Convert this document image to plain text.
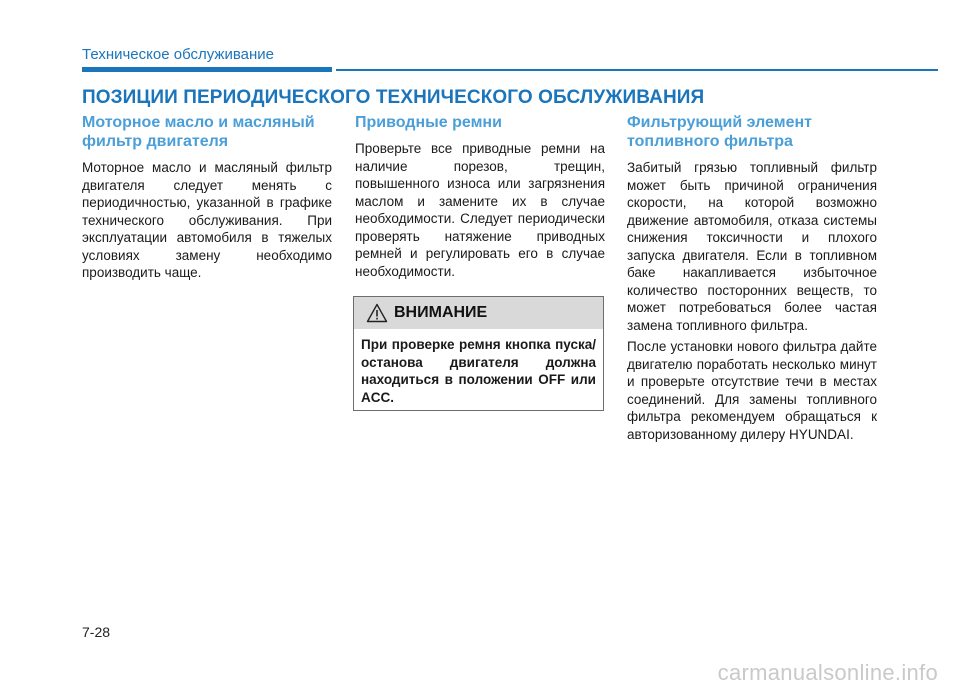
Техническое обслуживание
ПОЗИЦИИ ПЕРИОДИЧЕСКОГО ТЕХНИЧЕСКОГО ОБСЛУЖИВАНИЯ
Моторное масло и масляный фильтр двигателя

Моторное масло и масляный фильтр двигателя следует менять с периодичностью, указанной в графике технического обслуживания. При эксплуатации автомобиля в тяжелых условиях замену необходимо производить чаще.

Приводные ремни

Проверьте все приводные ремни на наличие порезов, трещин, повышенного износа или загрязнения маслом и замените их в случае необходимости. Следует периодически проверять натяжение приводных ремней и регулировать его в случае необходимости.

ВНИМАНИЕ
При проверке ремня кнопка пуска/останова двигателя должна находиться в положении OFF или ACC.
Фильтрующий элемент топливного фильтра

Забитый грязью топливный фильтр может быть причиной ограничения скорости, на которой возможно движение автомобиля, отказа системы снижения токсичности и плохого запуска двигателя. Если в топливном баке накапливается избыточное количество посторонних веществ, то может потребоваться более частая замена топливного фильтра.

После установки нового фильтра дайте двигателю поработать несколько минут и проверьте отсутствие течи в местах соединений. Для замены топливного фильтра рекомендуем обращаться к авторизованному дилеру HYUNDAI.

7-28
carmanualsonline.info
